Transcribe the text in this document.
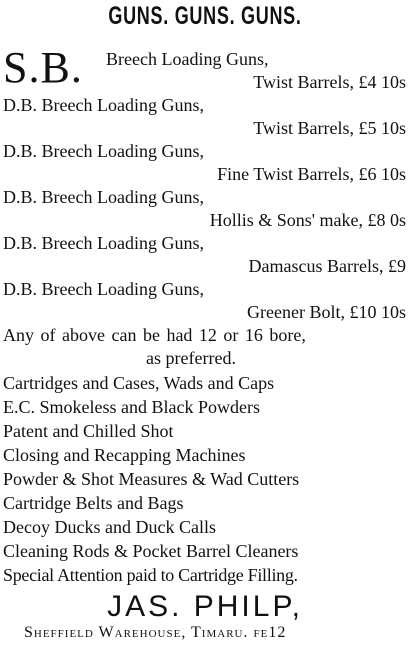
GUNS. GUNS. GUNS.
S.B. Breech Loading Guns,
Twist Barrels, £4 10s
D.B. Breech Loading Guns,
Twist Barrels, £5 10s
D.B. Breech Loading Guns,
Fine Twist Barrels, £6 10s
D.B. Breech Loading Guns,
Hollis & Sons' make, £8 0s
D.B. Breech Loading Guns,
Damascus Barrels, £9
D.B. Breech Loading Guns,
Greener Bolt, £10 10s
Any of above can be had 12 or 16 bore,
as preferred.
Cartridges and Cases, Wads and Caps
E.C. Smokeless and Black Powders
Patent and Chilled Shot
Closing and Recapping Machines
Powder & Shot Measures & Wad Cutters
Cartridge Belts and Bags
Decoy Ducks and Duck Calls
Cleaning Rods & Pocket Barrel Cleaners
Special Attention paid to Cartridge Filling.
JAS. PHILP,
Sheffield Warehouse, Timaru. fe12
